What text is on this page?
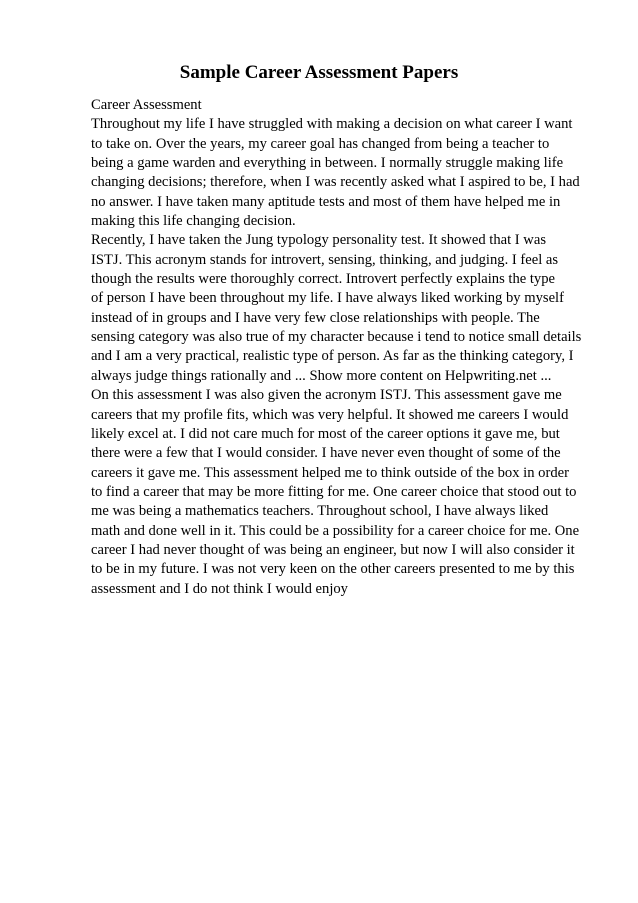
Sample Career Assessment Papers
Career Assessment
Throughout my life I have struggled with making a decision on what career I want
to take on. Over the years, my career goal has changed from being a teacher to
being a game warden and everything in between. I normally struggle making life
changing decisions; therefore, when I was recently asked what I aspired to be, I had
no answer. I have taken many aptitude tests and most of them have helped me in
making this life changing decision.
Recently, I have taken the Jung typology personality test. It showed that I was
ISTJ. This acronym stands for introvert, sensing, thinking, and judging. I feel as
though the results were thoroughly correct. Introvert perfectly explains the type
of person I have been throughout my life. I have always liked working by myself
instead of in groups and I have very few close relationships with people. The
sensing category was also true of my character because i tend to notice small details
and I am a very practical, realistic type of person. As far as the thinking category, I
always judge things rationally and ... Show more content on Helpwriting.net ...
On this assessment I was also given the acronym ISTJ. This assessment gave me
careers that my profile fits, which was very helpful. It showed me careers I would
likely excel at. I did not care much for most of the career options it gave me, but
there were a few that I would consider. I have never even thought of some of the
careers it gave me. This assessment helped me to think outside of the box in order
to find a career that may be more fitting for me. One career choice that stood out to
me was being a mathematics teachers. Throughout school, I have always liked
math and done well in it. This could be a possibility for a career choice for me. One
career I had never thought of was being an engineer, but now I will also consider it
to be in my future. I was not very keen on the other careers presented to me by this
assessment and I do not think I would enjoy
